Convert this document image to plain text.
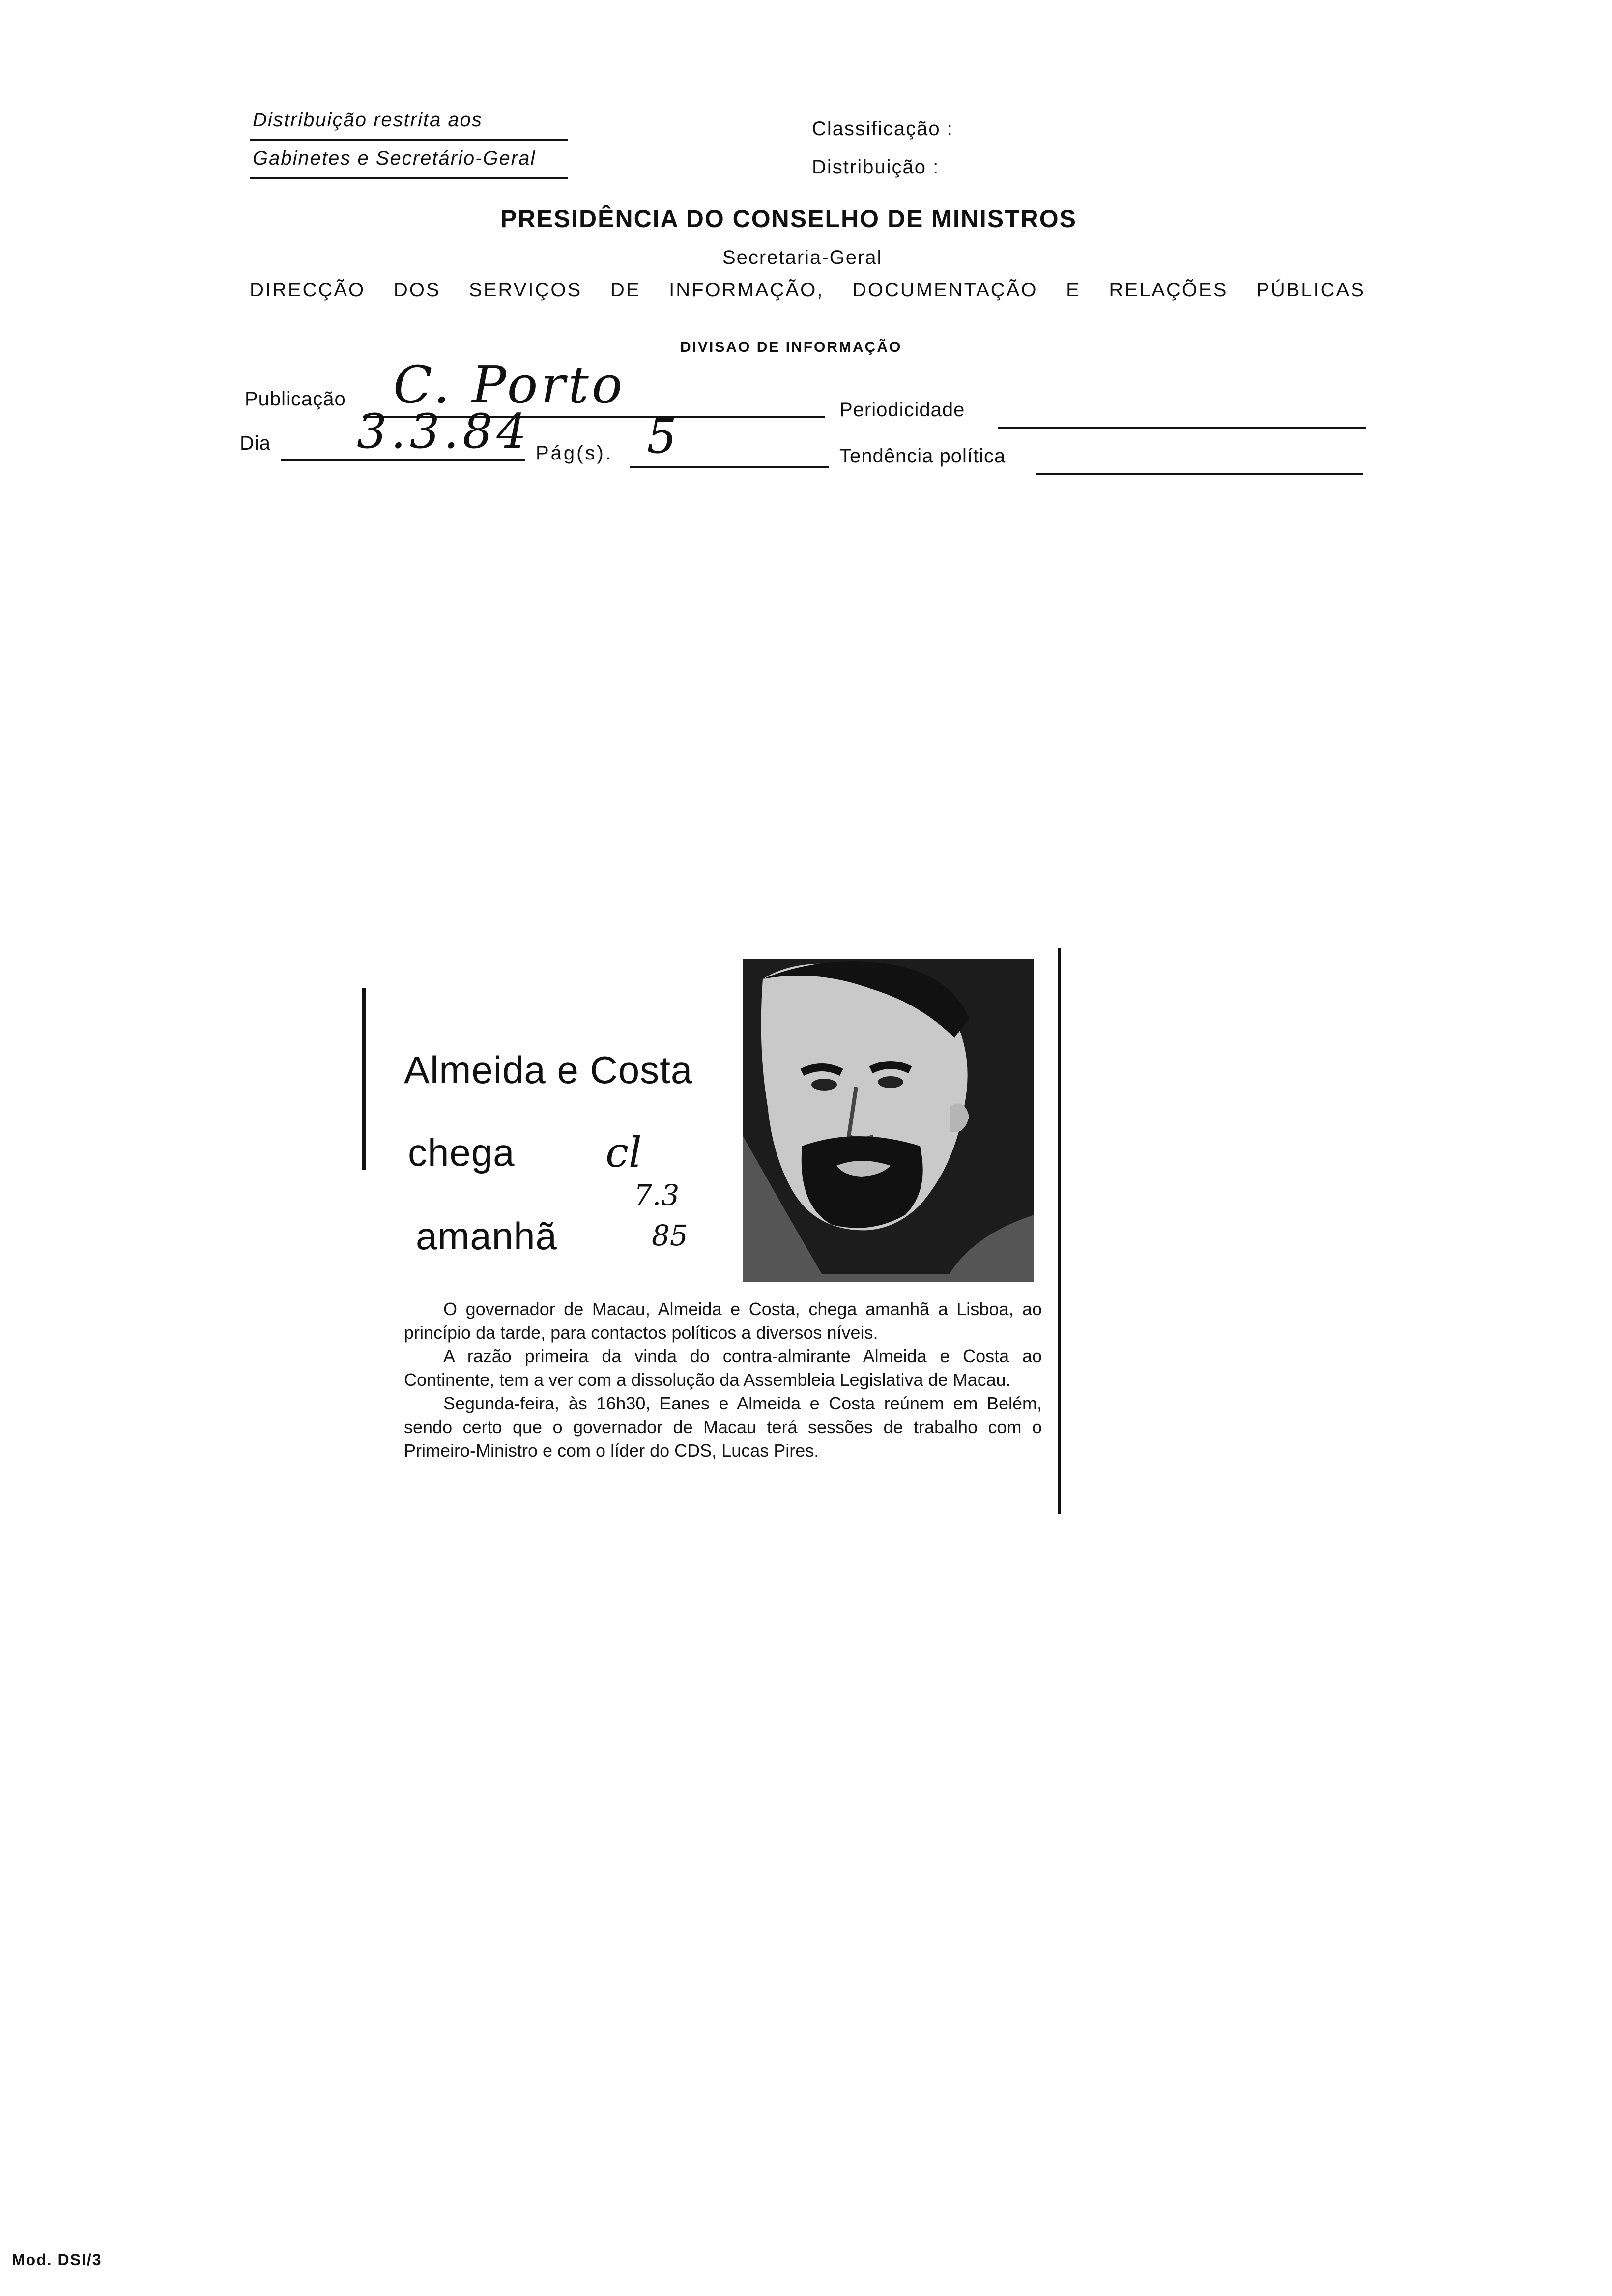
Distribuição restrita aos
Gabinetes e Secretário-Geral
Classificação :
Distribuição :
PRESIDÊNCIA DO CONSELHO DE MINISTROS
Secretaria-Geral
DIRECÇÃO DOS SERVIÇOS DE INFORMAÇÃO, DOCUMENTAÇÃO E RELAÇÕES PÚBLICAS
DIVISAO DE INFORMAÇÃO
Publicação C. Porto	Periodicidade
Dia 3.3.84 Pág(s). 5	Tendência política
Almeida e Costa
chega
amanhã
cl
7.3
85

O governador de Macau, Almeida e Costa, chega amanhã a Lisboa, ao princípio da tarde, para contactos políticos a diversos níveis.

A razão primeira da vinda do contra-almirante Almeida e Costa ao Continente, tem a ver com a dissolução da Assembleia Legislativa de Macau.

Segunda-feira, às 16h30, Eanes e Almeida e Costa reúnem em Belém, sendo certo que o governador de Macau terá sessões de trabalho com o Primeiro-Ministro e com o líder do CDS, Lucas Pires.

Mod. DSI/3
